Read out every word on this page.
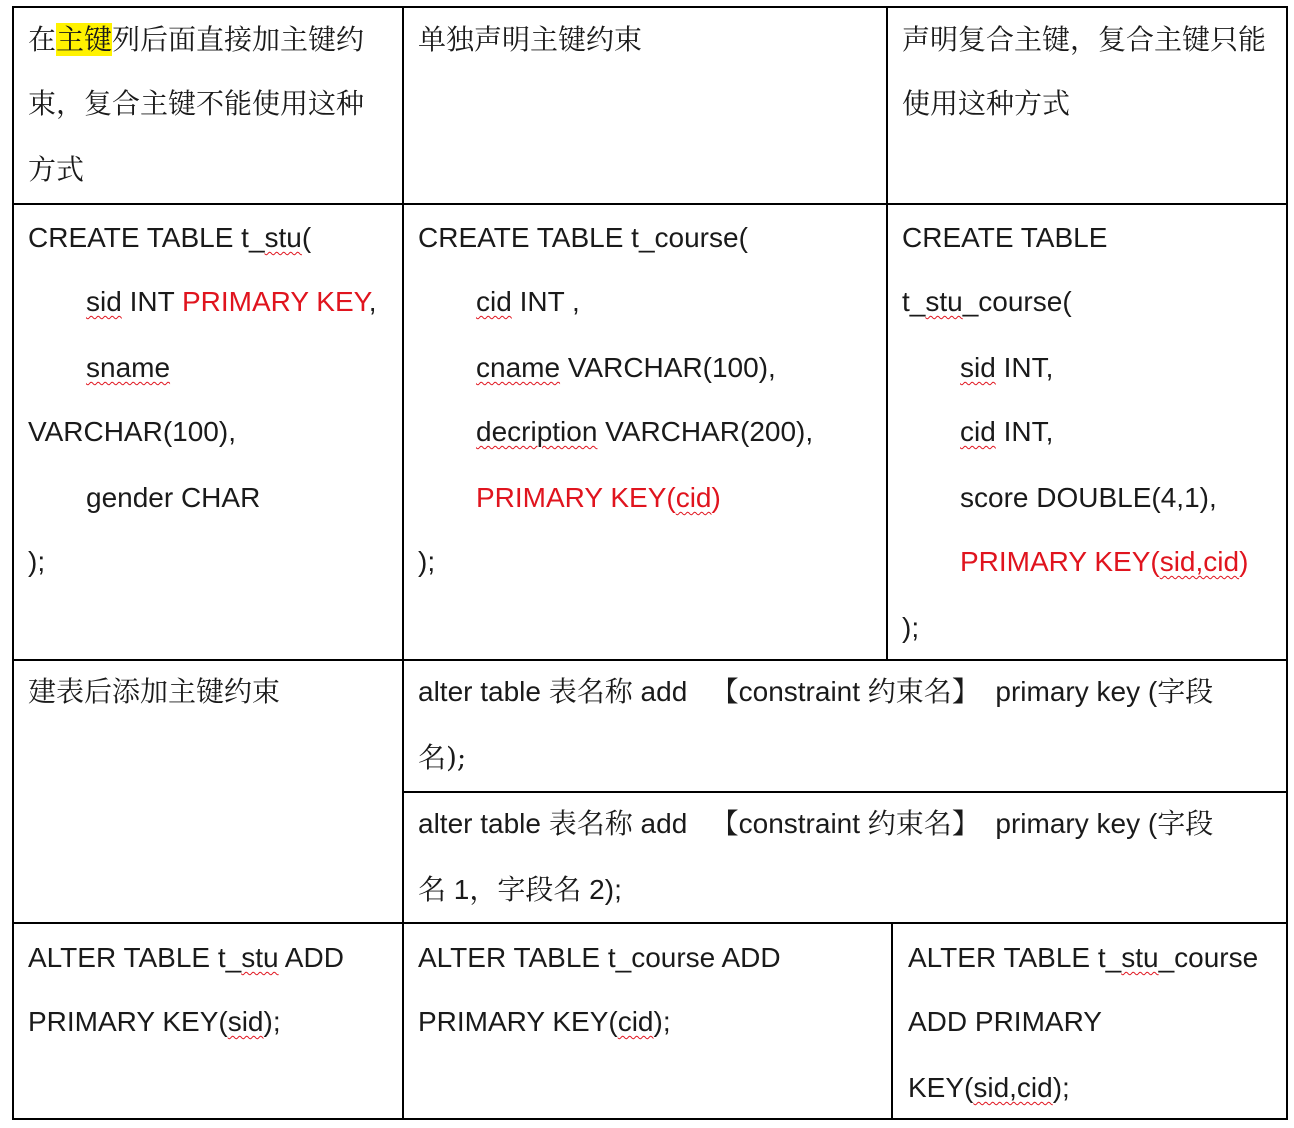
在主键列后面直接加主键约
束，复合主键不能使用这种
方式
单独声明主键约束	声明复合主键，复合主键只能
使用这种方式
CREATE TABLE t_stu(
sid INT PRIMARY KEY,
sname
VARCHAR(100),
gender CHAR
);
CREATE TABLE t_course(
cid INT ,
cname VARCHAR(100),
decription VARCHAR(200),
PRIMARY KEY(cid)
);
CREATE TABLE
t_stu_course(
sid INT,
cid INT,
score DOUBLE(4,1),
PRIMARY KEY(sid,cid)
);
建表后添加主键约束	alter table 表名称 add   【constraint 约束名】  primary key (字段
名);
alter table 表名称 add   【constraint 约束名】  primary key (字段
名 1，字段名 2);
ALTER TABLE t_stu ADD
PRIMARY KEY(sid);
ALTER TABLE t_course ADD
PRIMARY KEY(cid);
ALTER TABLE t_stu_course
ADD PRIMARY
KEY(sid,cid);
